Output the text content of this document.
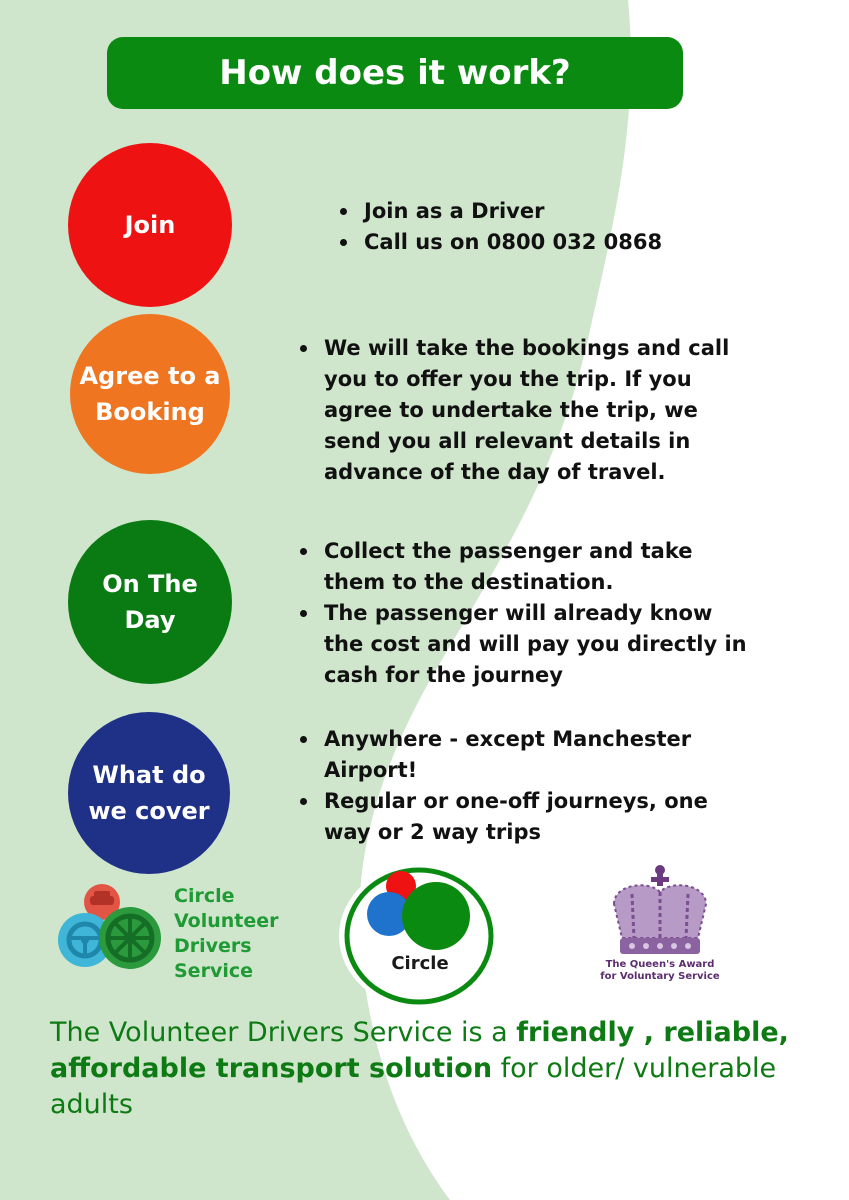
How does it work?
Join	Join as a Driver
Call us on 0800 032 0868
Agree to a
Booking
We will take the bookings and call you to offer you the trip. If you agree to undertake the trip, we send you all relevant details in advance of the day of travel.
On The
Day
Collect the passenger and take them to the destination.
The passenger will already know the cost and will pay you directly in cash for the journey
What do
we cover
Anywhere - except Manchester Airport!
Regular or one-off journeys, one way or 2 way trips
Circle
Volunteer
Drivers
Service	Circle	The Queen's Award
for Voluntary Service
The Volunteer Drivers Service is a friendly , reliable, affordable transport solution for older/ vulnerable adults
